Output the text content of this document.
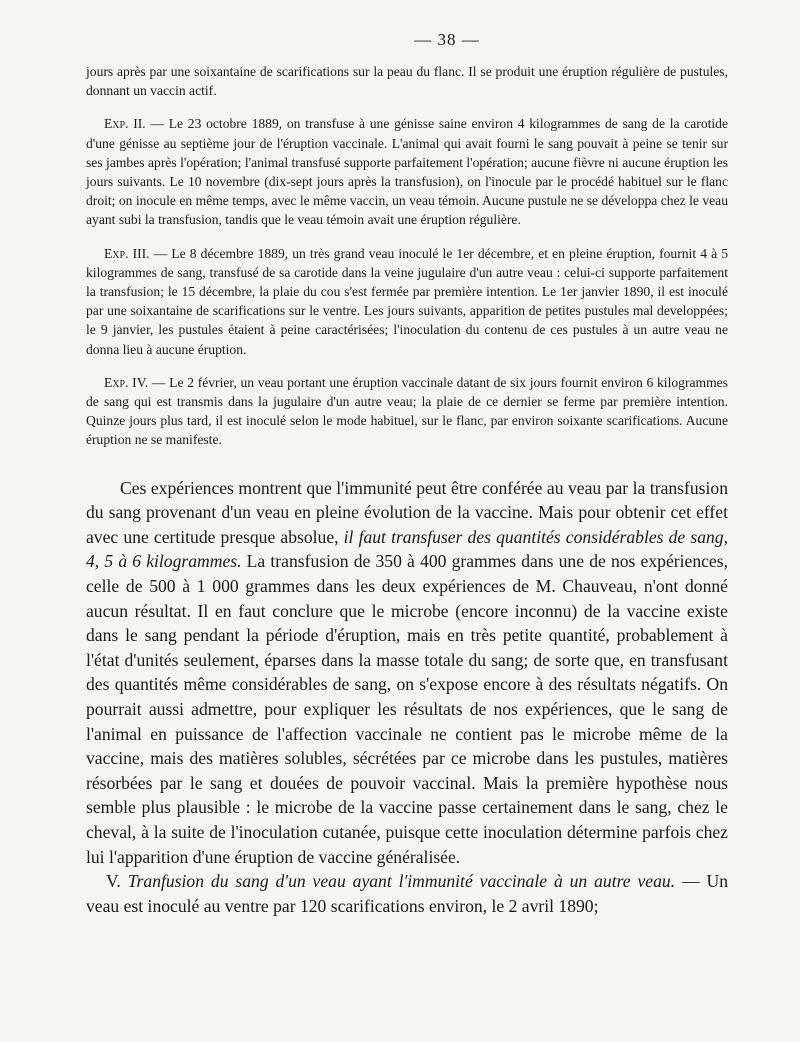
— 38 —

jours après par une soixantaine de scarifications sur la peau du flanc. Il se produit une éruption régulière de pustules, donnant un vaccin actif.

Exp. II. — Le 23 octobre 1889, on transfuse à une génisse saine environ 4 kilogrammes de sang de la carotide d'une génisse au septième jour de l'éruption vaccinale. L'animal qui avait fourni le sang pouvait à peine se tenir sur ses jambes après l'opération; l'animal transfusé supporte parfaitement l'opération; aucune fièvre ni aucune éruption les jours suivants. Le 10 novembre (dix-sept jours après la transfusion), on l'inocule par le procédé habituel sur le flanc droit; on inocule en même temps, avec le même vaccin, un veau témoin. Aucune pustule ne se développa chez le veau ayant subi la transfusion, tandis que le veau témoin avait une éruption régulière.

Exp. III. — Le 8 décembre 1889, un très grand veau inoculé le 1er décembre, et en pleine éruption, fournit 4 à 5 kilogrammes de sang, transfusé de sa carotide dans la veine jugulaire d'un autre veau : celui-ci supporte parfaitement la transfusion; le 15 décembre, la plaie du cou s'est fermée par première intention. Le 1er janvier 1890, il est inoculé par une soixantaine de scarifications sur le ventre. Les jours suivants, apparition de petites pustules mal developpées; le 9 janvier, les pustules étaient à peine caractérisées; l'inoculation du contenu de ces pustules à un autre veau ne donna lieu à aucune éruption.

Exp. IV. — Le 2 février, un veau portant une éruption vaccinale datant de six jours fournit environ 6 kilogrammes de sang qui est transmis dans la jugulaire d'un autre veau; la plaie de ce dernier se ferme par première intention. Quinze jours plus tard, il est inoculé selon le mode habituel, sur le flanc, par environ soixante scarifications. Aucune éruption ne se manifeste.

Ces expériences montrent que l'immunité peut être conférée au veau par la transfusion du sang provenant d'un veau en pleine évolution de la vaccine. Mais pour obtenir cet effet avec une certitude presque absolue, il faut transfuser des quantités considérables de sang, 4, 5 à 6 kilogrammes. La transfusion de 350 à 400 grammes dans une de nos expériences, celle de 500 à 1 000 grammes dans les deux expériences de M. Chauveau, n'ont donné aucun résultat. Il en faut conclure que le microbe (encore inconnu) de la vaccine existe dans le sang pendant la période d'éruption, mais en très petite quantité, probablement à l'état d'unités seulement, éparses dans la masse totale du sang; de sorte que, en transfusant des quantités même considérables de sang, on s'expose encore à des résultats négatifs. On pourrait aussi admettre, pour expliquer les résultats de nos expériences, que le sang de l'animal en puissance de l'affection vaccinale ne contient pas le microbe même de la vaccine, mais des matières solubles, sécrétées par ce microbe dans les pustules, matières résorbées par le sang et douées de pouvoir vaccinal. Mais la première hypothèse nous semble plus plausible : le microbe de la vaccine passe certainement dans le sang, chez le cheval, à la suite de l'inoculation cutanée, puisque cette inoculation détermine parfois chez lui l'apparition d'une éruption de vaccine généralisée.

V. Tranfusion du sang d'un veau ayant l'immunité vaccinale à un autre veau. — Un veau est inoculé au ventre par 120 scarifications environ, le 2 avril 1890;
